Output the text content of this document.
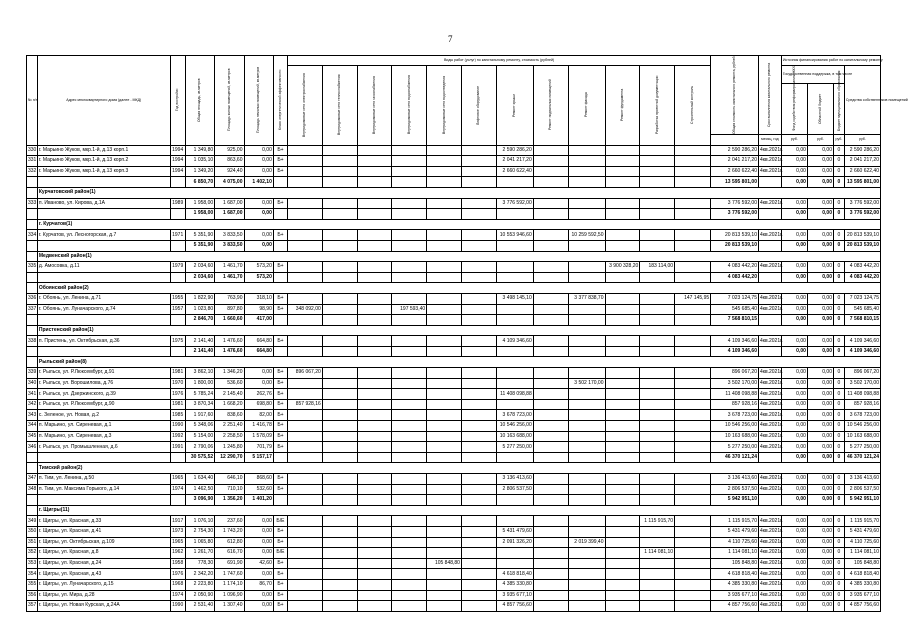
7
№ п/п	Адрес многоквартирного дома (далее - МКД)	Год постройки	Общая площадь, кв.метров	Площадь жилых помещений, кв.метров	Площадь нежилых помещений, кв.метров	Класс энергетической эффективности	Виды работ (услуг) по капитальному ремонту, стоимость (рублей)												Общая стоимость капитального ремонта, рублей	Срок выполнения капитального ремонта	Источник финансирования работ по капитальному ремонту			

							Внутридомовые сети электроснабжения	Внутридомовые сети теплоснабжения	Внутридомовые сети газоснабжения	Внутридомовые сети водоснабжения	Внутридомовые сети водоотведения	Лифтовое оборудование	Ремонт крыши	Ремонт подвальных помещений	Ремонт фасада	Ремонт фундамента	Разработка проектной документации	Строительный контроль			Государственная поддержка, в том числе			Средства собственников помещений

																					Фонд содействия реформированию ЖКХ	Областной бюджет	Бюджет муниципального образования	

																				месяц, год	руб.	руб.	руб.	руб.
330	г. Марьино Жуков, мкр.1-й, д.13 корп.1	1994	1 349,80	925,00	0,00	Б+							2 590 286,20						2 590 286,20	4кв.2021г.	0,00	0,00	0	2 590 286,20
331	г. Марьино Жуков, мкр.1-й, д.13 корп.2	1994	1 035,10	863,60	0,00	Б+							2 041 217,20						2 041 217,20	4кв.2021г.	0,00	0,00	0	2 041 217,20
332	г. Марьино Жуков, мкр.1-й, д.13 корп.3	1994	1 349,20	924,40	0,00	Б+							2 660 622,40						2 660 622,40	4кв.2021г.	0,00	0,00	0	2 660 622,40
			6 850,70	4 075,00	1 402,10														13 595 801,00		0,00	0,00	0	13 595 801,00
	Курчатовский район(1)																							
333	п. Иваново, ул. Кирова, д.1А	1989	1 958,00	1 687,00	0,00	Б+							3 776 592,00						3 776 592,00	4кв.2021г.	0,00	0,00	0	3 776 592,00
			1 958,00	1 687,00	0,00														3 776 592,00		0,00	0,00	0	3 776 592,00
	г. Курчатов(1)																							
334	г. Курчатов, ул. Лесногорская, д.7	1971	5 351,90	3 833,50	0,00	Б+							10 553 946,60		10 259 592,50				20 813 539,10	4кв.2021г.	0,00	0,00	0	20 813 539,10
			5 351,90	3 833,50	0,00														20 813 539,10		0,00	0,00	0	20 813 539,10
	Медвенский район(1)																							
335	д. Амосовка, д.11	1979	2 034,60	1 461,70	573,20	Б+										3 900 328,20	183 114,00		4 083 442,20	4кв.2021г.	0,00	0,00	0	4 083 442,20
			2 034,60	1 461,70	573,20														4 083 442,20		0,00	0,00	0	4 083 442,20
	Обоянский район(2)																							
336	г. Обоянь, ул. Ленина, д.71	1955	1 822,90	763,90	318,10	Б+							3 498 145,10		3 377 838,70			147 145,95	7 023 124,75	4кв.2021г.	0,00	0,00	0	7 023 124,75
337	г. Обоянь, ул. Луначарского, д.74	1957	1 023,80	897,80	98,90	Б+	348 092,00			197 593,40									545 685,40	4кв.2021г.	0,00	0,00	0	545 685,40
			2 846,70	1 660,60	417,00														7 568 810,15		0,00	0,00	0	7 568 810,15
	Пристенский район(1)																							
338	п. Пристень, ул. Октябрьская, д.36	1975	2 141,40	1 476,60	664,80	Б+							4 109 346,60						4 109 346,60	4кв.2021г.	0,00	0,00	0	4 109 346,60
			2 141,40	1 476,60	664,80														4 109 346,60		0,00	0,00	0	4 109 346,60
	Рыльский район(8)																							
339	г. Рыльск, ул. Р.Люксембург, д.91	1981	3 862,10	1 346,20	0,00	Б+	896 067,20												896 067,20	4кв.2021г.	0,00	0,00	0	896 067,20
340	г. Рыльск, ул. Ворошилова, д.76	1970	1 800,00	536,60	0,00	Б+									3 502 170,00				3 502 170,00	4кв.2021г.	0,00	0,00	0	3 502 170,00
341	г. Рыльск, ул. Дзержинского, д.39	1976	5 785,24	2 145,40	262,76	Б+							11 408 098,88						11 408 098,88	4кв.2021г.	0,00	0,00	0	11 408 098,88
342	г. Рыльск, ул. Р.Люксембург, д.90	1981	3 870,34	1 668,20	698,80	Б+	857 928,16												857 928,16	4кв.2021г.	0,00	0,00	0	857 928,16
343	с. Зеленое, ул. Новая, д.2	1985	1 917,60	838,60	82,00	Б+							3 678 723,00						3 678 723,00	4кв.2021г.	0,00	0,00	0	3 678 723,00
344	п. Марьино, ул. Сиреневая, д.1	1990	5 348,06	2 251,40	1 416,78	Б+							10 546 256,00						10 546 256,00	4кв.2021г.	0,00	0,00	0	10 546 256,00
345	п. Марьино, ул. Сиреневая, д.3	1992	5 154,00	2 258,50	1 578,09	Б+							10 163 688,00						10 163 688,00	4кв.2021г.	0,00	0,00	0	10 163 688,00
346	г. Рыльск, ул. Промышленная, д.6	1991	2 790,06	1 245,80	701,79	Б+							5 277 250,00						5 277 250,00	4кв.2021г.	0,00	0,00	0	5 277 250,00
			30 575,52	12 290,70	5 157,17														46 370 121,24		0,00	0,00	0	46 370 121,24
	Тимский район(2)																							
347	п. Тим, ул. Ленина, д.50	1965	1 634,40	646,10	868,60	Б+							3 136 413,60						3 136 413,60	4кв.2021г.	0,00	0,00	0	3 136 413,60
348	п. Тим, ул. Максима Горького, д.14	1974	1 462,50	710,10	532,60	Б+							2 806 537,50						2 806 537,50	4кв.2021г.	0,00	0,00	0	2 806 537,50
			3 096,90	1 356,20	1 401,20														5 942 951,10		0,00	0,00	0	5 942 951,10
	г. Щигры(11)																							
349	г. Щигры, ул. Красная, д.33	1917	1 076,10	237,60	0,00	Б/Е											1 115 915,70		1 115 915,70	4кв.2021г.	0,00	0,00	0	1 115 915,70
350	г. Щигры, ул. Красная, д.41	1973	2 754,30	1 743,20	0,00	Б+							5 431 479,60						5 431 479,60	4кв.2021г.	0,00	0,00	0	5 431 479,60
351	г. Щигры, ул. Октябрьская, д.109	1965	1 065,80	612,80	0,00	Б+							2 091 326,20		2 019 399,40				4 110 725,60	4кв.2021г.	0,00	0,00	0	4 110 725,60
352	г. Щигры, ул. Красная, д.8	1962	1 261,70	616,70	0,00	Б/Е											1 114 081,10		1 114 081,10	4кв.2021г.	0,00	0,00	0	1 114 081,10
353	г. Щигры, ул. Красная, д.24	1958	778,30	691,90	42,60	Б+					105 848,80								105 848,80	4кв.2021г.	0,00	0,00	0	105 848,80
354	г. Щигры, ул. Красная, д.43	1976	2 342,20	1 747,60	0,00	Б+							4 618 818,40						4 618 818,40	4кв.2021г.	0,00	0,00	0	4 618 818,40
355	г. Щигры, ул. Луначарского, д.15	1968	2 223,80	1 174,10	86,70	Б+							4 385 330,80						4 385 330,80	4кв.2021г.	0,00	0,00	0	4 385 330,80
356	г. Щигры, ул. Мира, д.28	1974	2 050,90	1 096,90	0,00	Б+							3 935 677,10						3 935 677,10	4кв.2021г.	0,00	0,00	0	3 935 677,10
357	г. Щигры, ул. Новая Курская, д.24А	1990	2 531,40	1 307,40	0,00	Б+							4 857 756,60						4 857 756,60	4кв.2021г.	0,00	0,00	0	4 857 756,60
